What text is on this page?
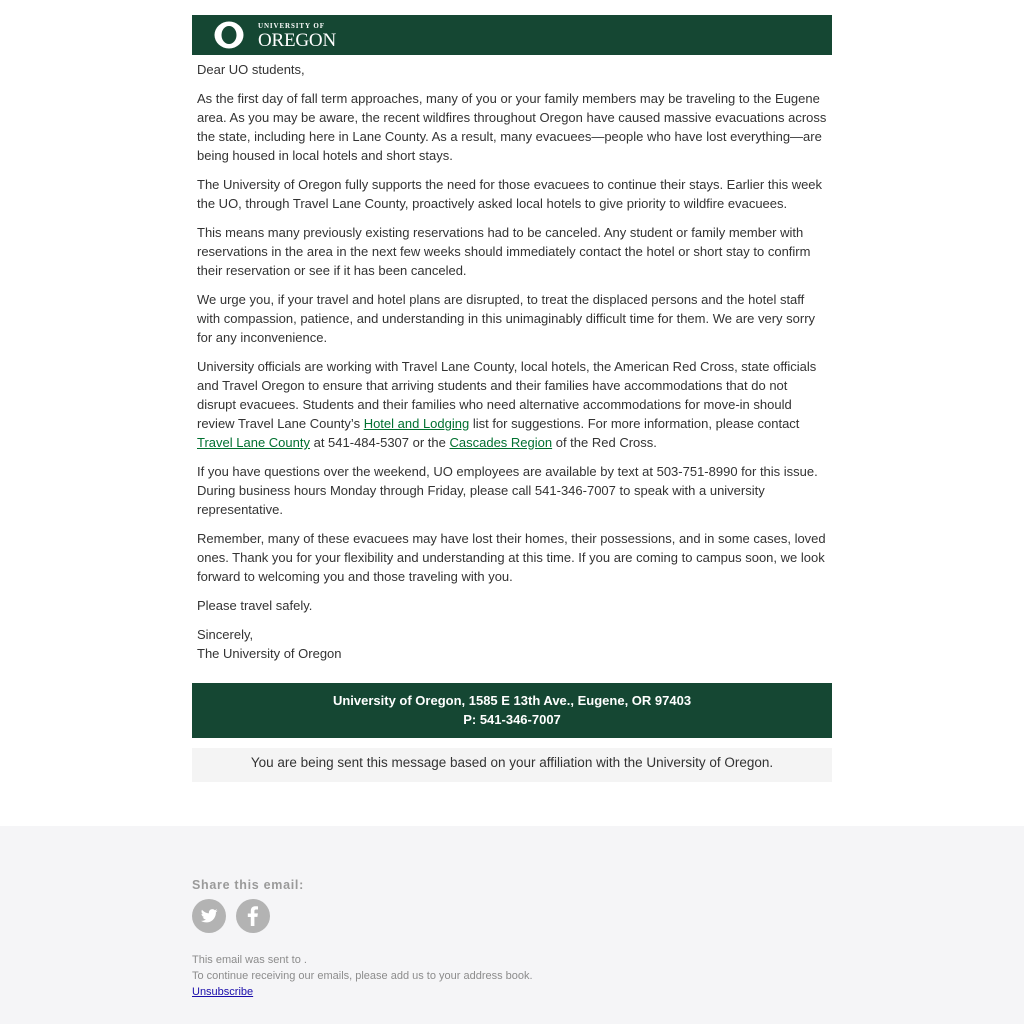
UNIVERSITY OF
OREGON

Dear UO students,

As the first day of fall term approaches, many of you or your family members may be traveling to the Eugene area. As you may be aware, the recent wildfires throughout Oregon have caused massive evacuations across the state, including here in Lane County. As a result, many evacuees—people who have lost everything—are being housed in local hotels and short stays.

The University of Oregon fully supports the need for those evacuees to continue their stays. Earlier this week the UO, through Travel Lane County, proactively asked local hotels to give priority to wildfire evacuees.

This means many previously existing reservations had to be canceled. Any student or family member with reservations in the area in the next few weeks should immediately contact the hotel or short stay to confirm their reservation or see if it has been canceled.

We urge you, if your travel and hotel plans are disrupted, to treat the displaced persons and the hotel staff with compassion, patience, and understanding in this unimaginably difficult time for them. We are very sorry for any inconvenience.

University officials are working with Travel Lane County, local hotels, the American Red Cross, state officials and Travel Oregon to ensure that arriving students and their families have accommodations that do not disrupt evacuees. Students and their families who need alternative accommodations for move-in should review Travel Lane County’s Hotel and Lodging list for suggestions. For more information, please contact Travel Lane County at 541-484-5307 or the Cascades Region of the Red Cross.

If you have questions over the weekend, UO employees are available by text at 503-751-8990 for this issue. During business hours Monday through Friday, please call 541-346-7007 to speak with a university representative.

Remember, many of these evacuees may have lost their homes, their possessions, and in some cases, loved ones. Thank you for your flexibility and understanding at this time. If you are coming to campus soon, we look forward to welcoming you and those traveling with you.

Please travel safely.

Sincerely,
The University of Oregon

University of Oregon, 1585 E 13th Ave., Eugene, OR 97403
P: 541-346-7007
You are being sent this message based on your affiliation with the University of Oregon.
Share this email:
This email was sent to .
To continue receiving our emails, please add us to your address book.
Unsubscribe
